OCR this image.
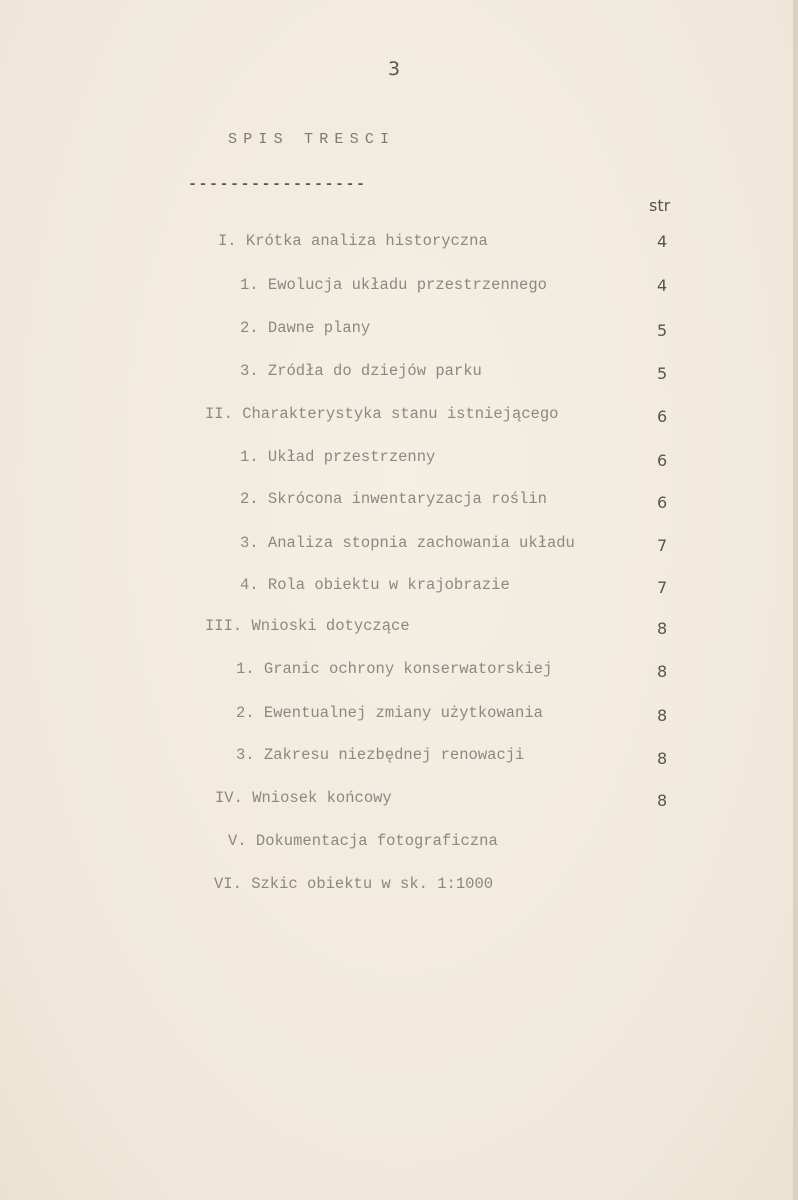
3
SPIS TRESCI
-----------------
str
I. Krótka analiza historyczna	4
1. Ewolucja układu przestrzennego	4
2. Dawne plany	5
3. Zródła do dziejów parku	5
II. Charakterystyka stanu istniejącego	6
1. Układ przestrzenny	6
2. Skrócona inwentaryzacja roślin	6
3. Analiza stopnia zachowania układu	7
4. Rola obiektu w krajobrazie	7
III. Wnioski dotyczące	8
1. Granic ochrony konserwatorskiej	8
2. Ewentualnej zmiany użytkowania	8
3. Zakresu niezbędnej renowacji	8
IV. Wniosek końcowy	8
V. Dokumentacja fotograficzna
VI. Szkic obiektu w sk. 1:1000
